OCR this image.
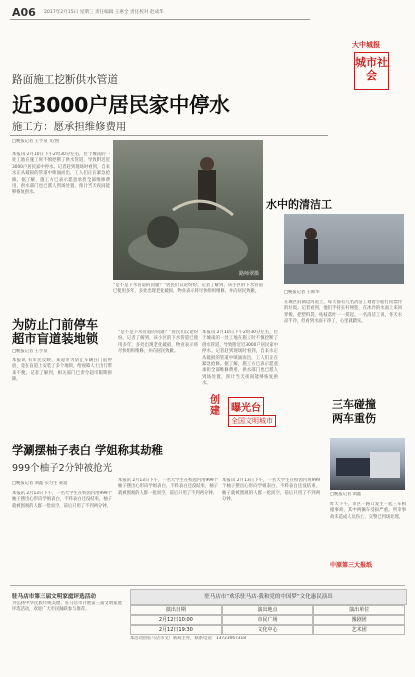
A06 2017年2月15日 星期三 责任编辑 王惠全 责任校对 赵成华
大中城报
城市社会
路面施工挖断供水管道
近3000户居民家中停水
施工方：愿承担维修费用
□晚报记者 王亨泉 文/图
本报讯 2月10日下午2时30分左右，位于城南的一处工地在施工时不慎挖断了供水管道，导致附近近3000户居民家中停水。记者赶到现场时看到，自来水正从破损的管道中喷涌而出，工人们正在紧急抢修。据了解，施工方已表示愿意承担全部维修费用，供水部门也已派人到场处置，预计当天夜间能够恢复供水。
路师翠摄
“是不是下水管道的问题？”居民们议论纷纷。记者了解到，该小区的下水管道已使用多年，多处出现老化破损，物业表示将尽快组织维修，并向居民致歉。
水中的清洁工
□晚报记者 王师华
在城区的湖边河道上，每天都有几名清洁工划着小船打捞漂浮的垃圾。记者看到，他们手持长杆网兜，在冰冷的水面上来回穿梭，把塑料袋、枯枝落叶一一捞起。一名清洁工说，冬天水凉手冷，但看到水面干净了，心里就踏实。
为防止门前停车
超市盲道装地锁
□晚报记者 王亨泉
本报讯 有市民反映，某超市为防止车辆在门前停放，竟在盲道上安装了多个地锁，给视障人士出行带来不便。记者了解到，相关部门已责令超市限期拆除。
“是不是下水管道的问题？”居民们议论纷纷。记者了解到，该小区的下水管道已使用多年，多处出现老化破损，物业表示将尽快组织维修，并向居民致歉。
本报讯 2月10日下午2时30分左右，位于城南的一处工地在施工时不慎挖断了供水管道，导致附近近3000户居民家中停水。记者赶到现场时看到，自来水正从破损的管道中喷涌而出，工人们正在紧急抢修。据了解，施工方已表示愿意承担全部维修费用，供水部门也已派人到场处置，预计当天夜间能够恢复供水。
创建	曝光台
全国文明城市
三车碰撞
两车重伤
□晚报记者 刘鑫
昨天下午，市区一路口发生一起三车相撞事故，其中两辆车受损严重。所幸事故未造成人员伤亡，交警已到场处理。
学涮摆柚子表白 学姐称其劫稚
999个柚子2分钟被抢光
□晚报记者 刘鑫 实习生 聂超
本报讯 2月13日下午，一名大学生在校园内用999个柚子摆出心形向学姐表白，不料表白还没结束，柚子就被围观的人群一抢而空，前后只用了不到两分钟。
本报讯 2月13日下午，一名大学生在校园内用999个柚子摆出心形向学姐表白，不料表白还没结束，柚子就被围观的人群一抢而空，前后只用了不到两分钟。
本报讯 2月13日下午，一名大学生在校园内用999个柚子摆出心形向学姐表白，不料表白还没结束，柚子就被围观的人群一抢而空，前后只用了不到两分钟。
驻马店市第三届文明家庭评选活动
为弘扬中华民族传统美德，驻马店市开展第三届文明家庭评选活动，欢迎广大市民踊跃参与推荐。
驻马店市“欢乐驻马店·我和党的中国梦”文化惠民演出
演出日期	演出地点	演出单位
2月12日10:00	市民广场	豫剧团
2月12日19:30	文化中心	艺术团
本活动由驻马店市文广新局主办，联系电话：13723067318
中原第三大报纸
